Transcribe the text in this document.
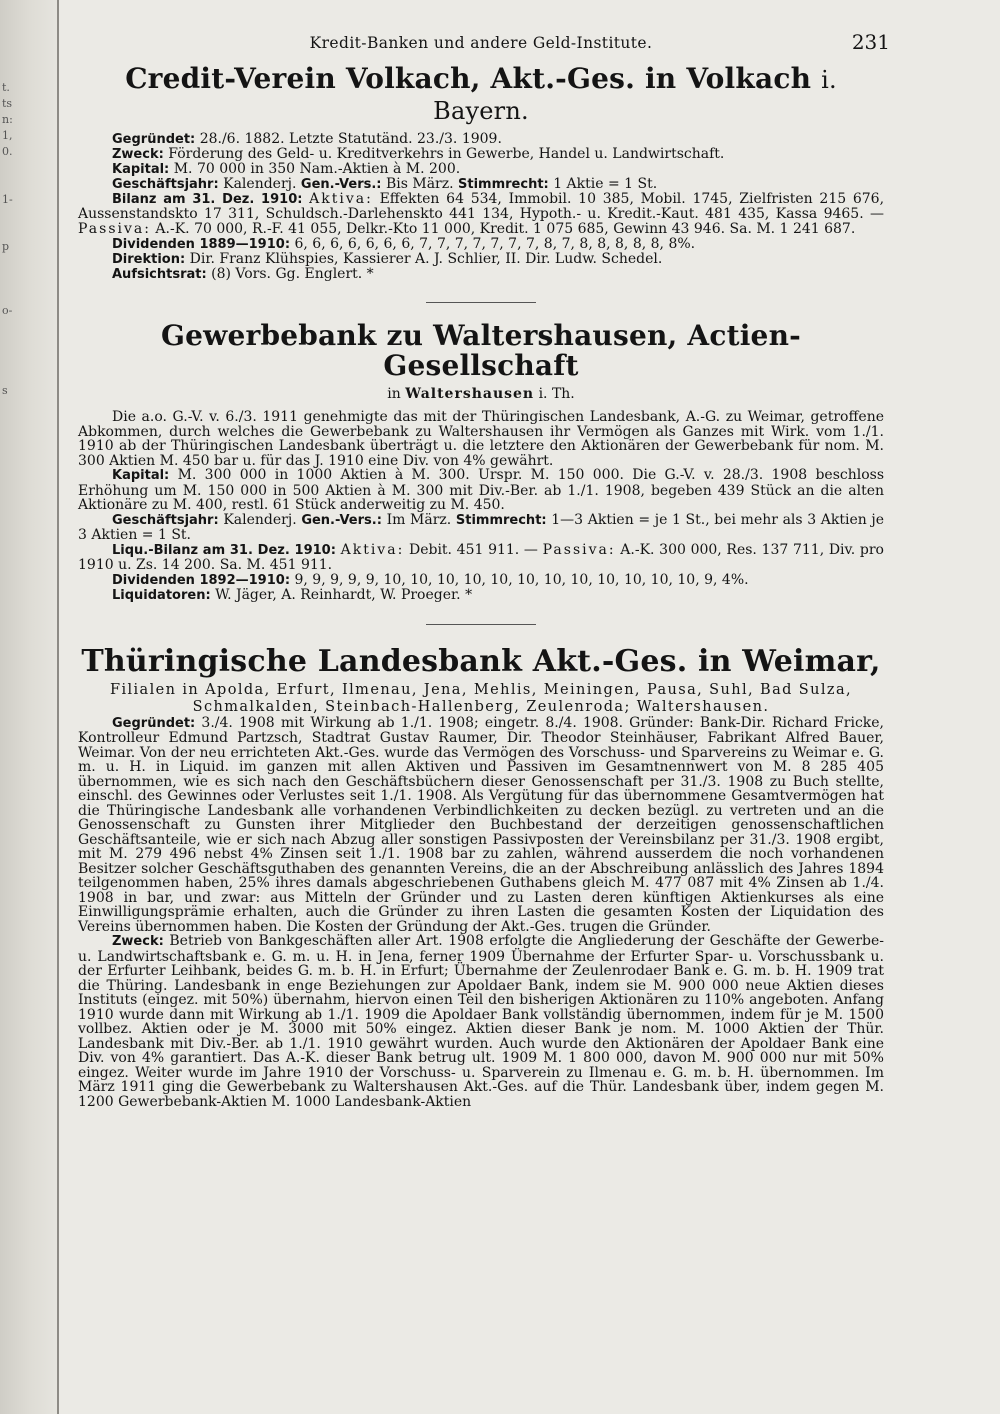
t.
ts
n:
1,
0.

1-

p

o-

s
Kredit-Banken und andere Geld-Institute.	231
Credit-Verein Volkach, Akt.-Ges. in Volkach i. Bayern.

Gegründet: 28./6. 1882. Letzte Statutänd. 23./3. 1909.

Zweck: Förderung des Geld- u. Kreditverkehrs in Gewerbe, Handel u. Landwirtschaft.

Kapital: M. 70 000 in 350 Nam.-Aktien à M. 200.

Geschäftsjahr: Kalenderj. Gen.-Vers.: Bis März. Stimmrecht: 1 Aktie = 1 St.

Bilanz am 31. Dez. 1910: Aktiva: Effekten 64 534, Immobil. 10 385, Mobil. 1745, Zielfristen 215 676, Aussenstandskto 17 311, Schuldsch.-Darlehenskto 441 134, Hypoth.- u. Kredit.-Kaut. 481 435, Kassa 9465. — Passiva: A.-K. 70 000, R.-F. 41 055, Delkr.-Kto 11 000, Kredit. 1 075 685, Gewinn 43 946. Sa. M. 1 241 687.

Dividenden 1889—1910: 6, 6, 6, 6, 6, 6, 6, 7, 7, 7, 7, 7, 7, 7, 8, 7, 8, 8, 8, 8, 8, 8%.

Direktion: Dir. Franz Klühspies, Kassierer A. J. Schlier, II. Dir. Ludw. Schedel.

Aufsichtsrat: (8) Vors. Gg. Englert. *

Gewerbebank zu Waltershausen, Actien-Gesellschaft
in Waltershausen i. Th.

Die a.o. G.-V. v. 6./3. 1911 genehmigte das mit der Thüringischen Landesbank, A.-G. zu Weimar, getroffene Abkommen, durch welches die Gewerbebank zu Waltershausen ihr Vermögen als Ganzes mit Wirk. vom 1./1. 1910 ab der Thüringischen Landesbank überträgt u. die letztere den Aktionären der Gewerbebank für nom. M. 300 Aktien M. 450 bar u. für das J. 1910 eine Div. von 4% gewährt.

Kapital: M. 300 000 in 1000 Aktien à M. 300. Urspr. M. 150 000. Die G.-V. v. 28./3. 1908 beschloss Erhöhung um M. 150 000 in 500 Aktien à M. 300 mit Div.-Ber. ab 1./1. 1908, begeben 439 Stück an die alten Aktionäre zu M. 400, restl. 61 Stück anderweitig zu M. 450.

Geschäftsjahr: Kalenderj. Gen.-Vers.: Im März. Stimmrecht: 1—3 Aktien = je 1 St., bei mehr als 3 Aktien je 3 Aktien = 1 St.

Liqu.-Bilanz am 31. Dez. 1910: Aktiva: Debit. 451 911. — Passiva: A.-K. 300 000, Res. 137 711, Div. pro 1910 u. Zs. 14 200. Sa. M. 451 911.

Dividenden 1892—1910: 9, 9, 9, 9, 9, 10, 10, 10, 10, 10, 10, 10, 10, 10, 10, 10, 10, 9, 4%.

Liquidatoren: W. Jäger, A. Reinhardt, W. Proeger. *

Thüringische Landesbank Akt.-Ges. in Weimar,
Filialen in Apolda, Erfurt, Ilmenau, Jena, Mehlis, Meiningen, Pausa, Suhl, Bad Sulza, Schmalkalden, Steinbach-Hallenberg, Zeulenroda; Waltershausen.

Gegründet: 3./4. 1908 mit Wirkung ab 1./1. 1908; eingetr. 8./4. 1908. Gründer: Bank-Dir. Richard Fricke, Kontrolleur Edmund Partzsch, Stadtrat Gustav Raumer, Dir. Theodor Steinhäuser, Fabrikant Alfred Bauer, Weimar. Von der neu errichteten Akt.-Ges. wurde das Vermögen des Vorschuss- und Sparvereins zu Weimar e. G. m. u. H. in Liquid. im ganzen mit allen Aktiven und Passiven im Gesamtnennwert von M. 8 285 405 übernommen, wie es sich nach den Geschäftsbüchern dieser Genossenschaft per 31./3. 1908 zu Buch stellte, einschl. des Gewinnes oder Verlustes seit 1./1. 1908. Als Vergütung für das übernommene Gesamtvermögen hat die Thüringische Landesbank alle vorhandenen Verbindlichkeiten zu decken bezügl. zu vertreten und an die Genossenschaft zu Gunsten ihrer Mitglieder den Buchbestand der derzeitigen genossenschaftlichen Geschäftsanteile, wie er sich nach Abzug aller sonstigen Passivposten der Vereinsbilanz per 31./3. 1908 ergibt, mit M. 279 496 nebst 4% Zinsen seit 1./1. 1908 bar zu zahlen, während ausserdem die noch vorhandenen Besitzer solcher Geschäftsguthaben des genannten Vereins, die an der Abschreibung anlässlich des Jahres 1894 teilgenommen haben, 25% ihres damals abgeschriebenen Guthabens gleich M. 477 087 mit 4% Zinsen ab 1./4. 1908 in bar, und zwar: aus Mitteln der Gründer und zu Lasten deren künftigen Aktienkurses als eine Einwilligungsprämie erhalten, auch die Gründer zu ihren Lasten die gesamten Kosten der Liquidation des Vereins übernommen haben. Die Kosten der Gründung der Akt.-Ges. trugen die Gründer.

Zweck: Betrieb von Bankgeschäften aller Art. 1908 erfolgte die Angliederung der Geschäfte der Gewerbe- u. Landwirtschaftsbank e. G. m. u. H. in Jena, ferner 1909 Übernahme der Erfurter Spar- u. Vorschussbank u. der Erfurter Leihbank, beides G. m. b. H. in Erfurt; Übernahme der Zeulenrodaer Bank e. G. m. b. H. 1909 trat die Thüring. Landesbank in enge Beziehungen zur Apoldaer Bank, indem sie M. 900 000 neue Aktien dieses Instituts (eingez. mit 50%) übernahm, hiervon einen Teil den bisherigen Aktionären zu 110% angeboten. Anfang 1910 wurde dann mit Wirkung ab 1./1. 1909 die Apoldaer Bank vollständig übernommen, indem für je M. 1500 vollbez. Aktien oder je M. 3000 mit 50% eingez. Aktien dieser Bank je nom. M. 1000 Aktien der Thür. Landesbank mit Div.-Ber. ab 1./1. 1910 gewährt wurden. Auch wurde den Aktionären der Apoldaer Bank eine Div. von 4% garantiert. Das A.-K. dieser Bank betrug ult. 1909 M. 1 800 000, davon M. 900 000 nur mit 50% eingez. Weiter wurde im Jahre 1910 der Vorschuss- u. Sparverein zu Ilmenau e. G. m. b. H. übernommen. Im März 1911 ging die Gewerbebank zu Waltershausen Akt.-Ges. auf die Thür. Landesbank über, indem gegen M. 1200 Gewerbebank-Aktien M. 1000 Landesbank-Aktien
